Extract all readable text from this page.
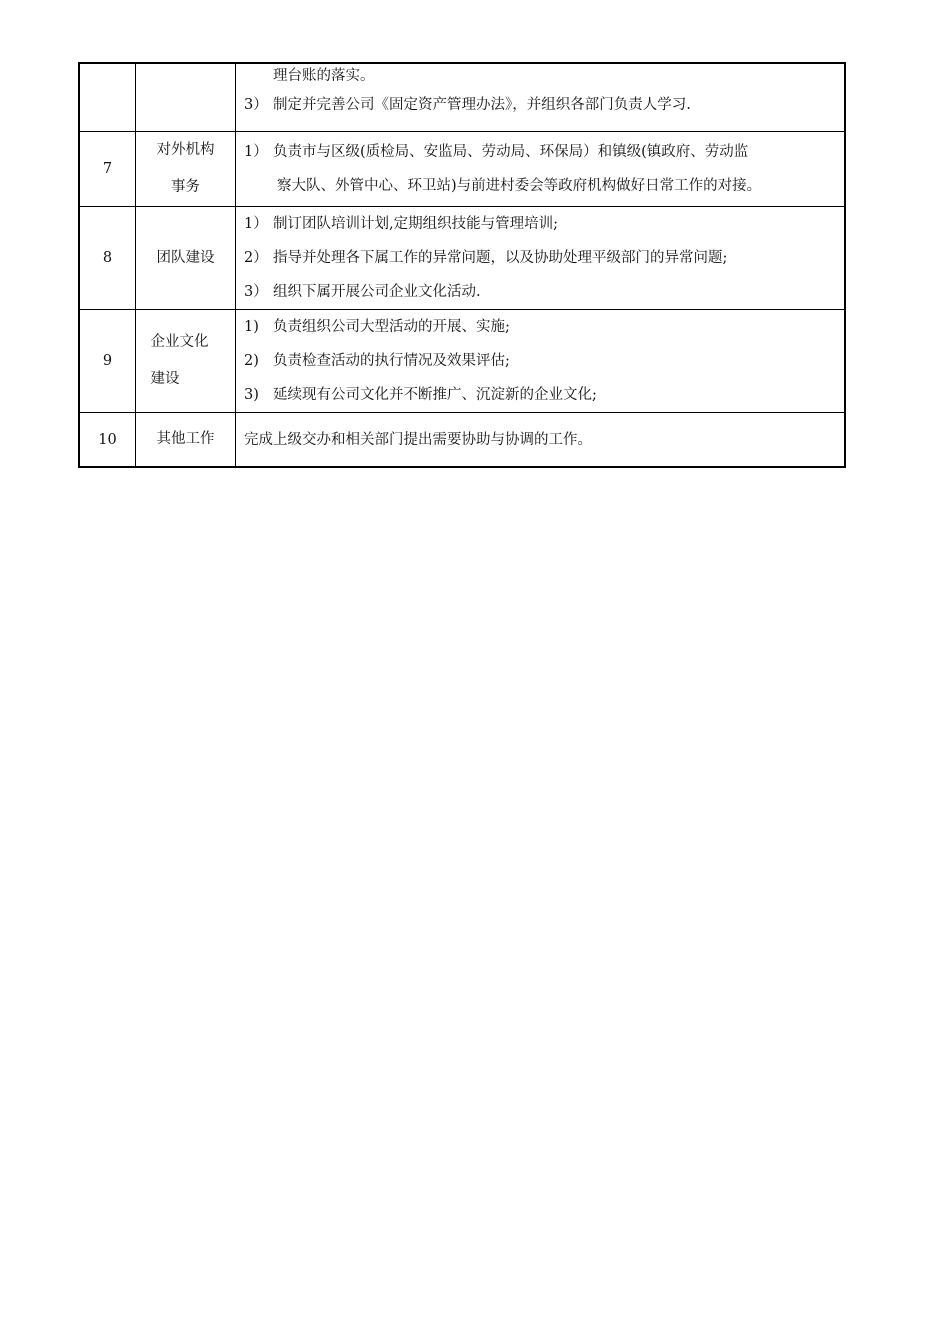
		理台账的落实。
3） 制定并完善公司《固定资产管理办法》，并组织各部门负责人学习.

7	对外机构事务	1） 负责市与区级(质检局、安监局、劳动局、环保局）和镇级(镇政府、劳动监
察大队、外管中心、环卫站)与前进村委会等政府机构做好日常工作的对接。

8	团队建设	1） 制订团队培训计划,定期组织技能与管理培训;
2） 指导并处理各下属工作的异常问题，以及协助处理平级部门的异常问题;
3） 组织下属开展公司企业文化活动.

9	企业文化建设	1) 负责组织公司大型活动的开展、实施;
2) 负责检查活动的执行情况及效果评估;
3) 延续现有公司文化并不断推广、沉淀新的企业文化;

10	其他工作	完成上级交办和相关部门提出需要协助与协调的工作。
